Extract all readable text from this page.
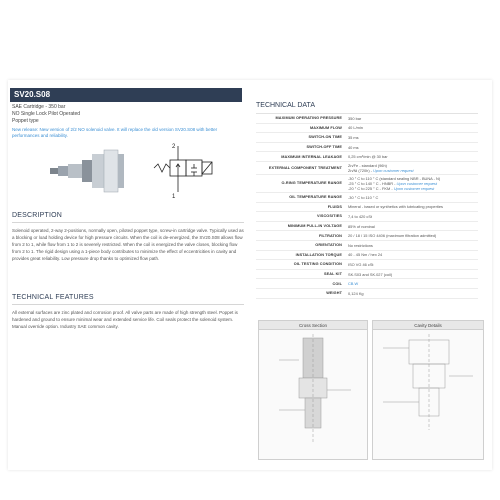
SV20.S08
SAE Cartridge - 350 bar
NO Single Lock Pilot Operated
Poppet type
New release: New version of 2/2 NO solenoid valve. It will replace the old version SV20.S08 with better performances and reliability.
2
1
DESCRIPTION
Solenoid operated, 2-way 2-positions, normally open, piloted poppet type, screw-in cartridge valve. Typically used as a blocking or load holding device for high pressure circuits. When the coil is de-energized, the SV20.S08 allows flow from 2 to 1, while flow from 1 to 2 is severely restricted. When the coil is energized the valve closes, blocking flow from 2 to 1. The rigid design using a 1-piece body contributes to minimize the effect of eccentricities in cavity and provides great reliability. Low pressure drop thanks to optimized flow path.
TECHNICAL FEATURES
All external surfaces are zinc plated and corrosion proof. All valve parts are made of high strength steel. Poppet is hardened and ground to ensure minimal wear and extended service life. Coil seals protect the solenoid system. Manual override option. Industry SAE common cavity.
TECHNICAL DATA
MAXIMUM OPERATING PRESSURE	350 bar
MAXIMUM FLOW	40 L/min
SWITCH-ON TIME	35 ms
SWITCH-OFF TIME	40 ms
MAXIMUM INTERNAL LEAKAGE	0,25 cm³/min @ 30 bar
EXTERNAL COMPONENT TREATMENT	Zn/Fe - standard (96h)
Zn/Ni (720h) - Upon customer request
O-RING TEMPERATURE RANGE
-30 ° C to 110 ° C (standard sealing NBR - BUNA - N)
-25 ° C to 140 ° C - HNBR - Upon customer request
-20 ° C to 225 ° C - FKM - Upon customer request
OIL TEMPERATURE RANGE	-30 ° C to 110 ° C
FLUIDS	Mineral - based or synthetics with lubricating properties
VISCOSITIES	7,4 to 420 cSt
MINIMUM PULL-IN VOLTAGE	85% of nominal
FILTRATION	20 / 18 / 15 ISO 4406 (maximum filtration admitted)
ORIENTATION	No restrictions
INSTALLATION TORQUE	40 - 45 Nm / hex 24
OIL TESTING CONDITION	ISO VG 46 cSt
SEAL KIT	SK.S03 and SK.027 (coil)
COIL	CB.W
WEIGHT	0,124 Kg
Cross Section	Cavity Details
